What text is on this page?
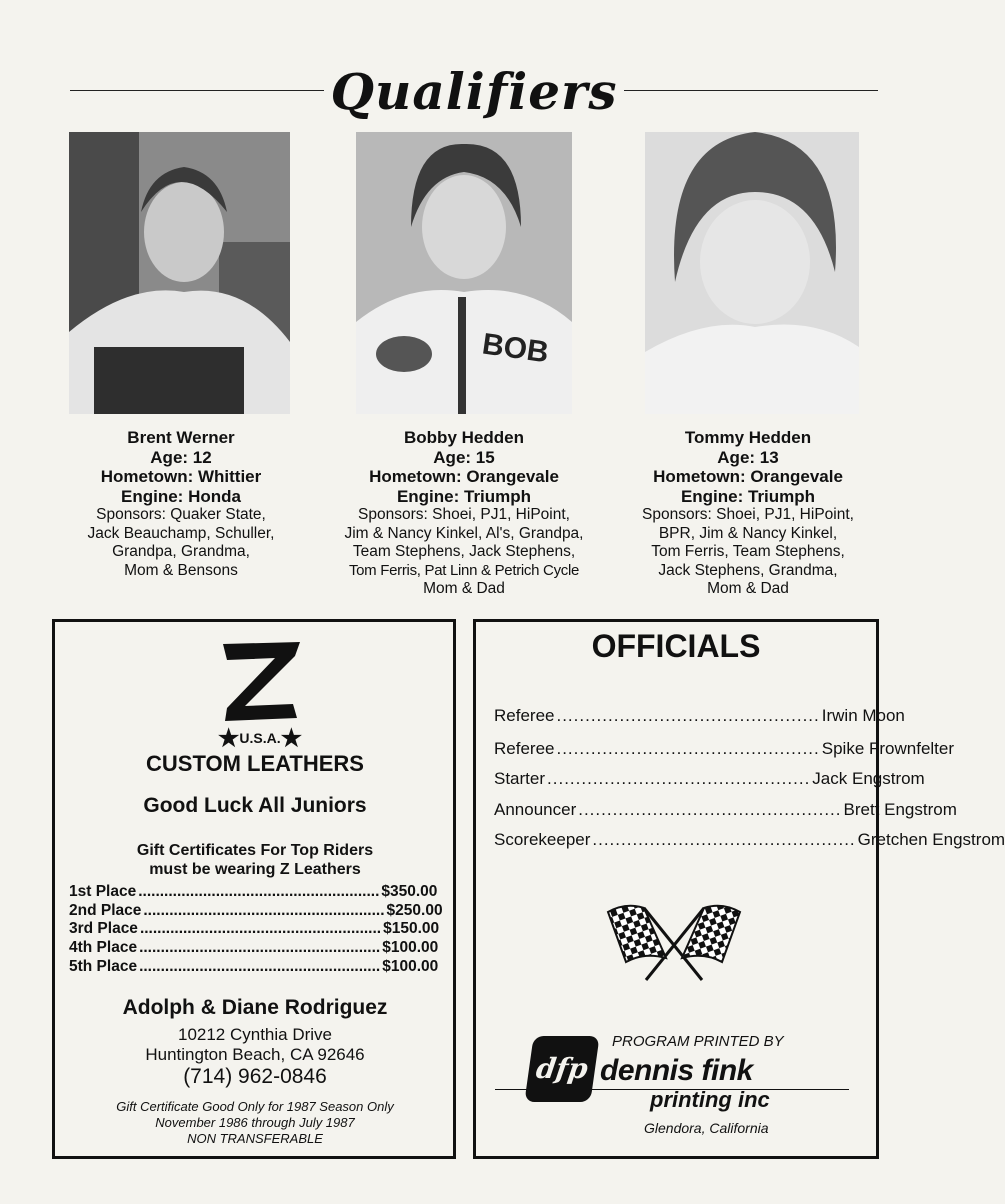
Qualifiers
BOB
Brent Werner
Age: 12
Hometown: Whittier
Engine: Honda
Sponsors: Quaker State,
Jack Beauchamp, Schuller,
Grandpa, Grandma,
Mom & Bensons
Bobby Hedden
Age: 15
Hometown: Orangevale
Engine: Triumph
Sponsors: Shoei, PJ1, HiPoint,
Jim & Nancy Kinkel, Al's, Grandpa,
Team Stephens, Jack Stephens,
Tom Ferris, Pat Linn & Petrich Cycle
Mom & Dad
Tommy Hedden
Age: 13
Hometown: Orangevale
Engine: Triumph
Sponsors: Shoei, PJ1, HiPoint,
BPR, Jim & Nancy Kinkel,
Tom Ferris, Team Stephens,
Jack Stephens, Grandma,
Mom & Dad
★U.S.A.★
CUSTOM LEATHERS
Good Luck All Juniors
Gift Certificates For Top Riders
must be wearing Z Leathers
1st Place ........................................................ $350.00
2nd Place ........................................................ $250.00
3rd Place ........................................................ $150.00
4th Place ........................................................ $100.00
5th Place ........................................................ $100.00
Adolph & Diane Rodriguez
10212 Cynthia Drive
Huntington Beach, CA 92646
(714) 962-0846
Gift Certificate Good Only for 1987 Season Only
November 1986 through July 1987
NON TRANSFERABLE
OFFICIALS
Referee .............................................. Irwin Moon
Referee .............................................. Spike Frownfelter
Starter .............................................. Jack Engstrom
Announcer .............................................. Brett Engstrom
Scorekeeper .............................................. Gretchen Engstrom
PROGRAM PRINTED BY
dfp dennis fink
printing inc
Glendora, California
